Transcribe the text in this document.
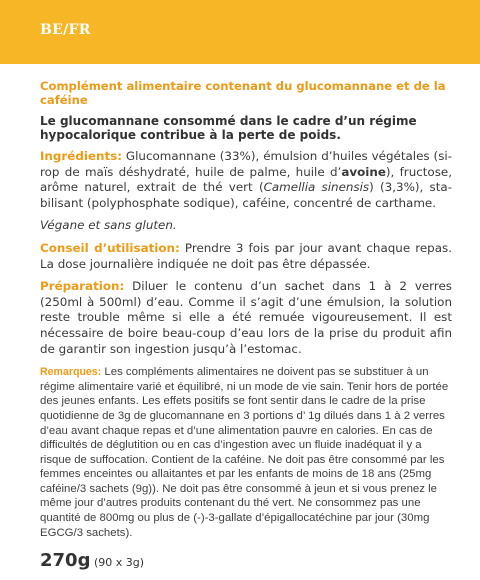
BE/FR

Complément alimentaire contenant du glucomannane et de la caféine

Le glucomannane consommé dans le cadre d’un régime hypocalorique contribue à la perte de poids.

Ingrédients: Glucomannane (33%), émulsion d’huiles végétales (sirop de maïs déshydraté, huile de palme, huile d’avoine), fructose, arôme naturel, extrait de thé vert (Camellia sinensis) (3,3%), stabilisant (polyphosphate sodique), caféine, concentré de carthame.

Végane et sans gluten.

Conseil d’utilisation: Prendre 3 fois par jour avant chaque repas. La dose journalière indiquée ne doit pas être dépassée.

Préparation: Diluer le contenu d’un sachet dans 1 à 2 verres (250ml à 500ml) d’eau. Comme il s’agit d’une émulsion, la solution reste trouble même si elle a été remuée vigoureusement. Il est nécessaire de boire beau-coup d’eau lors de la prise du produit afin de garantir son ingestion jusqu’à l’estomac.

Remarques: Les compléments alimentaires ne doivent pas se substituer à un régime alimentaire varié et équilibré, ni un mode de vie sain. Tenir hors de portée des jeunes enfants. Les effets positifs se font sentir dans le cadre de la prise quotidienne de 3g de glucomannane en 3 portions d’ 1g dilués dans 1 à 2 verres d’eau avant chaque repas et d’une alimentation pauvre en calories. En cas de difficultés de déglutition ou en cas d’ingestion avec un fluide inadéquat il y a risque de suffocation. Contient de la caféine. Ne doit pas être consommé par les femmes enceintes ou allaitantes et par les enfants de moins de 18 ans (25mg caféine/3 sachets (9g)). Ne doit pas être consommé à jeun et si vous prenez le même jour d’autres produits contenant du thé vert. Ne consommez pas une quantité de 800mg ou plus de (-)-3-gallate d’épigallocatéchine par jour (30mg EGCG/3 sachets).

270g (90 x 3g)
